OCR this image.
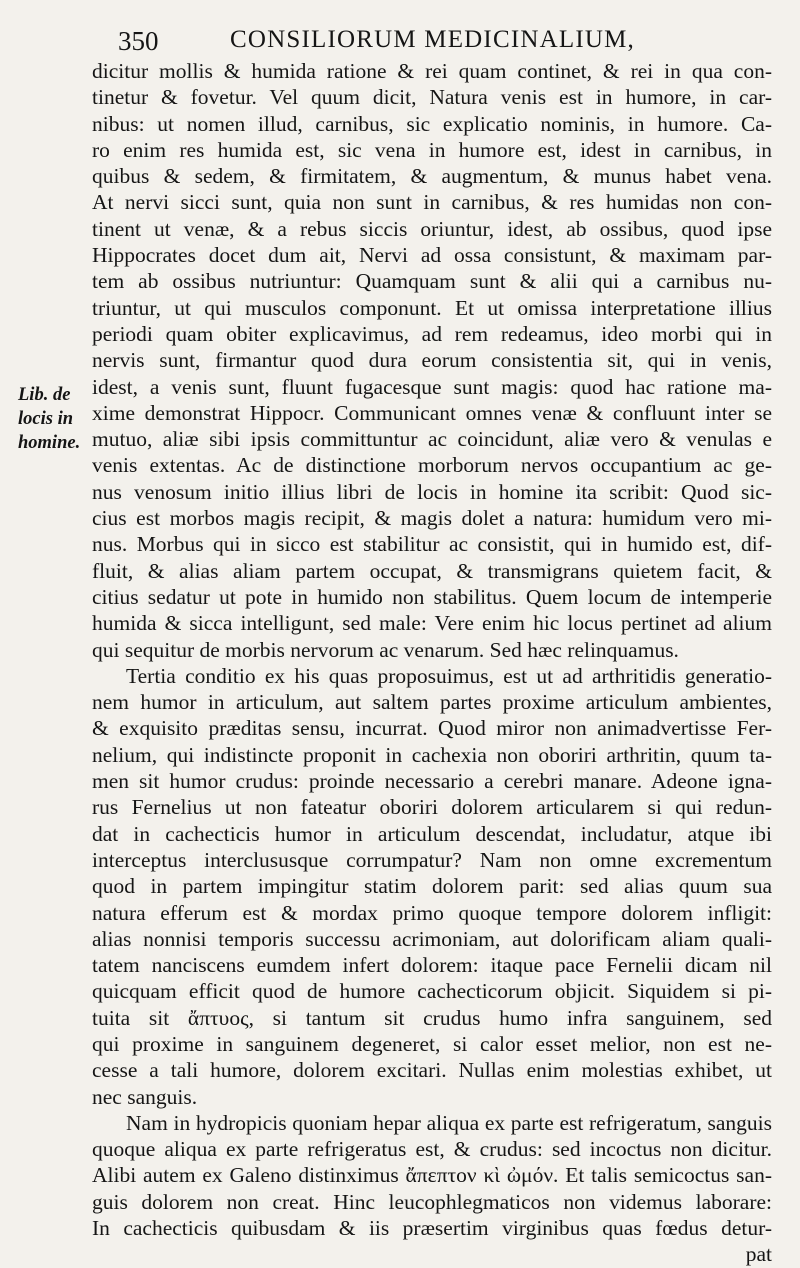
350	CONSILIORUM MEDICINALIUM,
Lib. de
locis in
homine.
dicitur mollis & humida ratione & rei quam continet, & rei in qua con-
tinetur & fovetur. Vel quum dicit, Natura venis est in humore, in car-
nibus: ut nomen illud, carnibus, sic explicatio nominis, in humore. Ca-
ro enim res humida est, sic vena in humore est, idest in carnibus, in
quibus & sedem, & firmitatem, & augmentum, & munus habet vena.
At nervi sicci sunt, quia non sunt in carnibus, & res humidas non con-
tinent ut venæ, & a rebus siccis oriuntur, idest, ab ossibus, quod ipse
Hippocrates docet dum ait, Nervi ad ossa consistunt, & maximam par-
tem ab ossibus nutriuntur: Quamquam sunt & alii qui a carnibus nu-
triuntur, ut qui musculos componunt. Et ut omissa interpretatione illius
periodi quam obiter explicavimus, ad rem redeamus, ideo morbi qui in
nervis sunt, firmantur quod dura eorum consistentia sit, qui in venis,
idest, a venis sunt, fluunt fugacesque sunt magis: quod hac ratione ma-
xime demonstrat Hippocr. Communicant omnes venæ & confluunt inter se
mutuo, aliæ sibi ipsis committuntur ac coincidunt, aliæ vero & venulas e
venis extentas. Ac de distinctione morborum nervos occupantium ac ge-
nus venosum initio illius libri de locis in homine ita scribit: Quod sic-
cius est morbos magis recipit, & magis dolet a natura: humidum vero mi-
nus. Morbus qui in sicco est stabilitur ac consistit, qui in humido est, dif-
fluit, & alias aliam partem occupat, & transmigrans quietem facit, &
citius sedatur ut pote in humido non stabilitus. Quem locum de intemperie
humida & sicca intelligunt, sed male: Vere enim hic locus pertinet ad alium
qui sequitur de morbis nervorum ac venarum. Sed hæc relinquamus.
Tertia conditio ex his quas proposuimus, est ut ad arthritidis generatio-
nem humor in articulum, aut saltem partes proxime articulum ambientes,
& exquisito præditas sensu, incurrat. Quod miror non animadvertisse Fer-
nelium, qui indistincte proponit in cachexia non oboriri arthritin, quum ta-
men sit humor crudus: proinde necessario a cerebri manare. Adeone igna-
rus Fernelius ut non fateatur oboriri dolorem articularem si qui redun-
dat in cachecticis humor in articulum descendat, includatur, atque ibi
interceptus interclususque corrumpatur? Nam non omne excrementum
quod in partem impingitur statim dolorem parit: sed alias quum sua
natura efferum est & mordax primo quoque tempore dolorem infligit:
alias nonnisi temporis successu acrimoniam, aut dolorificam aliam quali-
tatem nanciscens eumdem infert dolorem: itaque pace Fernelii dicam nil
quicquam efficit quod de humore cachecticorum objicit. Siquidem si pi-
tuita sit ἄπτυος, si tantum sit crudus humo infra sanguinem, sed
qui proxime in sanguinem degeneret, si calor esset melior, non est ne-
cesse a tali humore, dolorem excitari. Nullas enim molestias exhibet, ut
nec sanguis.
Nam in hydropicis quoniam hepar aliqua ex parte est refrigeratum, sanguis
quoque aliqua ex parte refrigeratus est, & crudus: sed incoctus non dicitur.
Alibi autem ex Galeno distinximus ἄπεπτον κὶ ὠμόν. Et talis semicoctus san-
guis dolorem non creat. Hinc leucophlegmaticos non videmus laborare:
In cachecticis quibusdam & iis præsertim virginibus quas fœdus detur-
pat
